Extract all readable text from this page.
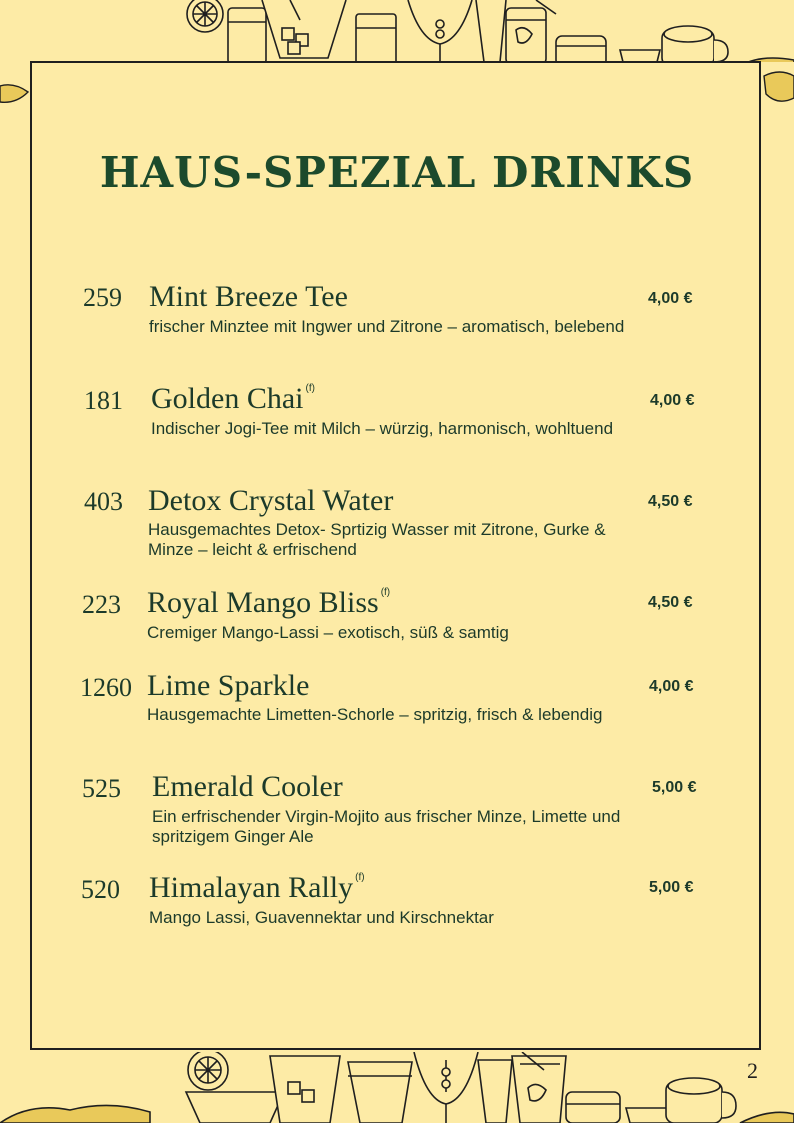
HAUS-SPEZIAL DRINKS
259 Mint Breeze Tee
frischer Minztee mit Ingwer und Zitrone – aromatisch, belebend
4,00 €
181 Golden Chai $^{(f)}$
Indischer Jogi-Tee mit Milch – würzig, harmonisch, wohltuend
4,00 €
403 Detox Crystal Water
Hausgemachtes Detox- Sprtizig Wasser mit Zitrone, Gurke & Minze – leicht & erfrischend
4,50 €
223 Royal Mango Bliss $^{(f)}$
Cremiger Mango-Lassi – exotisch, süß & samtig
4,50 €
1260 Lime Sparkle
Hausgemachte Limetten-Schorle – spritzig, frisch & lebendig
4,00 €
525 Emerald Cooler
Ein erfrischender Virgin-Mojito aus frischer Minze, Limette und spritzigem Ginger Ale
5,00 €
520 Himalayan Rally $^{(f)}$
Mango Lassi, Guavennektar und Kirschnektar
5,00 €
2
